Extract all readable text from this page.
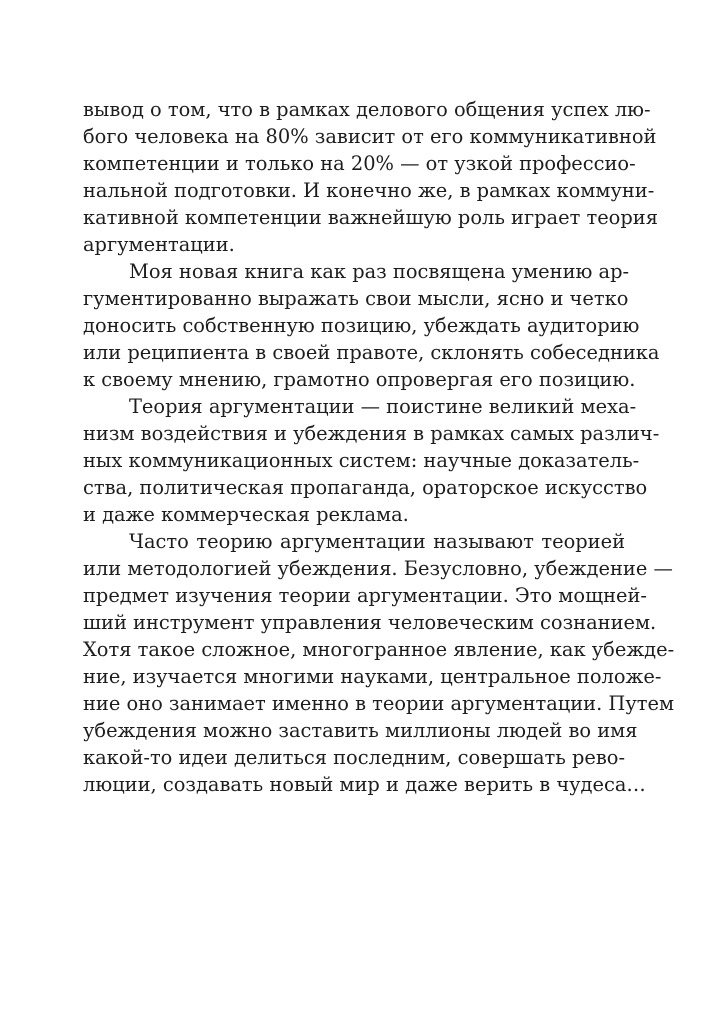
вывод о том, что в рамках делового общения успех лю-
бого человека на 80% зависит от его коммуникативной
компетенции и только на 20% — от узкой профессио-
нальной подготовки. И конечно же, в рамках коммуни-
кативной компетенции важнейшую роль играет теория
аргументации.

Моя новая книга как раз посвящена умению ар-
гументированно выражать свои мысли, ясно и четко
доносить собственную позицию, убеждать аудиторию
или реципиента в своей правоте, склонять собеседника
к своему мнению, грамотно опровергая его позицию.

Теория аргументации — поистине великий меха-
низм воздействия и убеждения в рамках самых различ-
ных коммуникационных систем: научные доказатель-
ства, политическая пропаганда, ораторское искусство
и даже коммерческая реклама.

Часто теорию аргументации называют теорией
или методологией убеждения. Безусловно, убеждение —
предмет изучения теории аргументации. Это мощней-
ший инструмент управления человеческим сознанием.
Хотя такое сложное, многогранное явление, как убежде-
ние, изучается многими науками, центральное положе-
ние оно занимает именно в теории аргументации. Путем
убеждения можно заставить миллионы людей во имя
какой-то идеи делиться последним, совершать рево-
люции, создавать новый мир и даже верить в чудеса…
